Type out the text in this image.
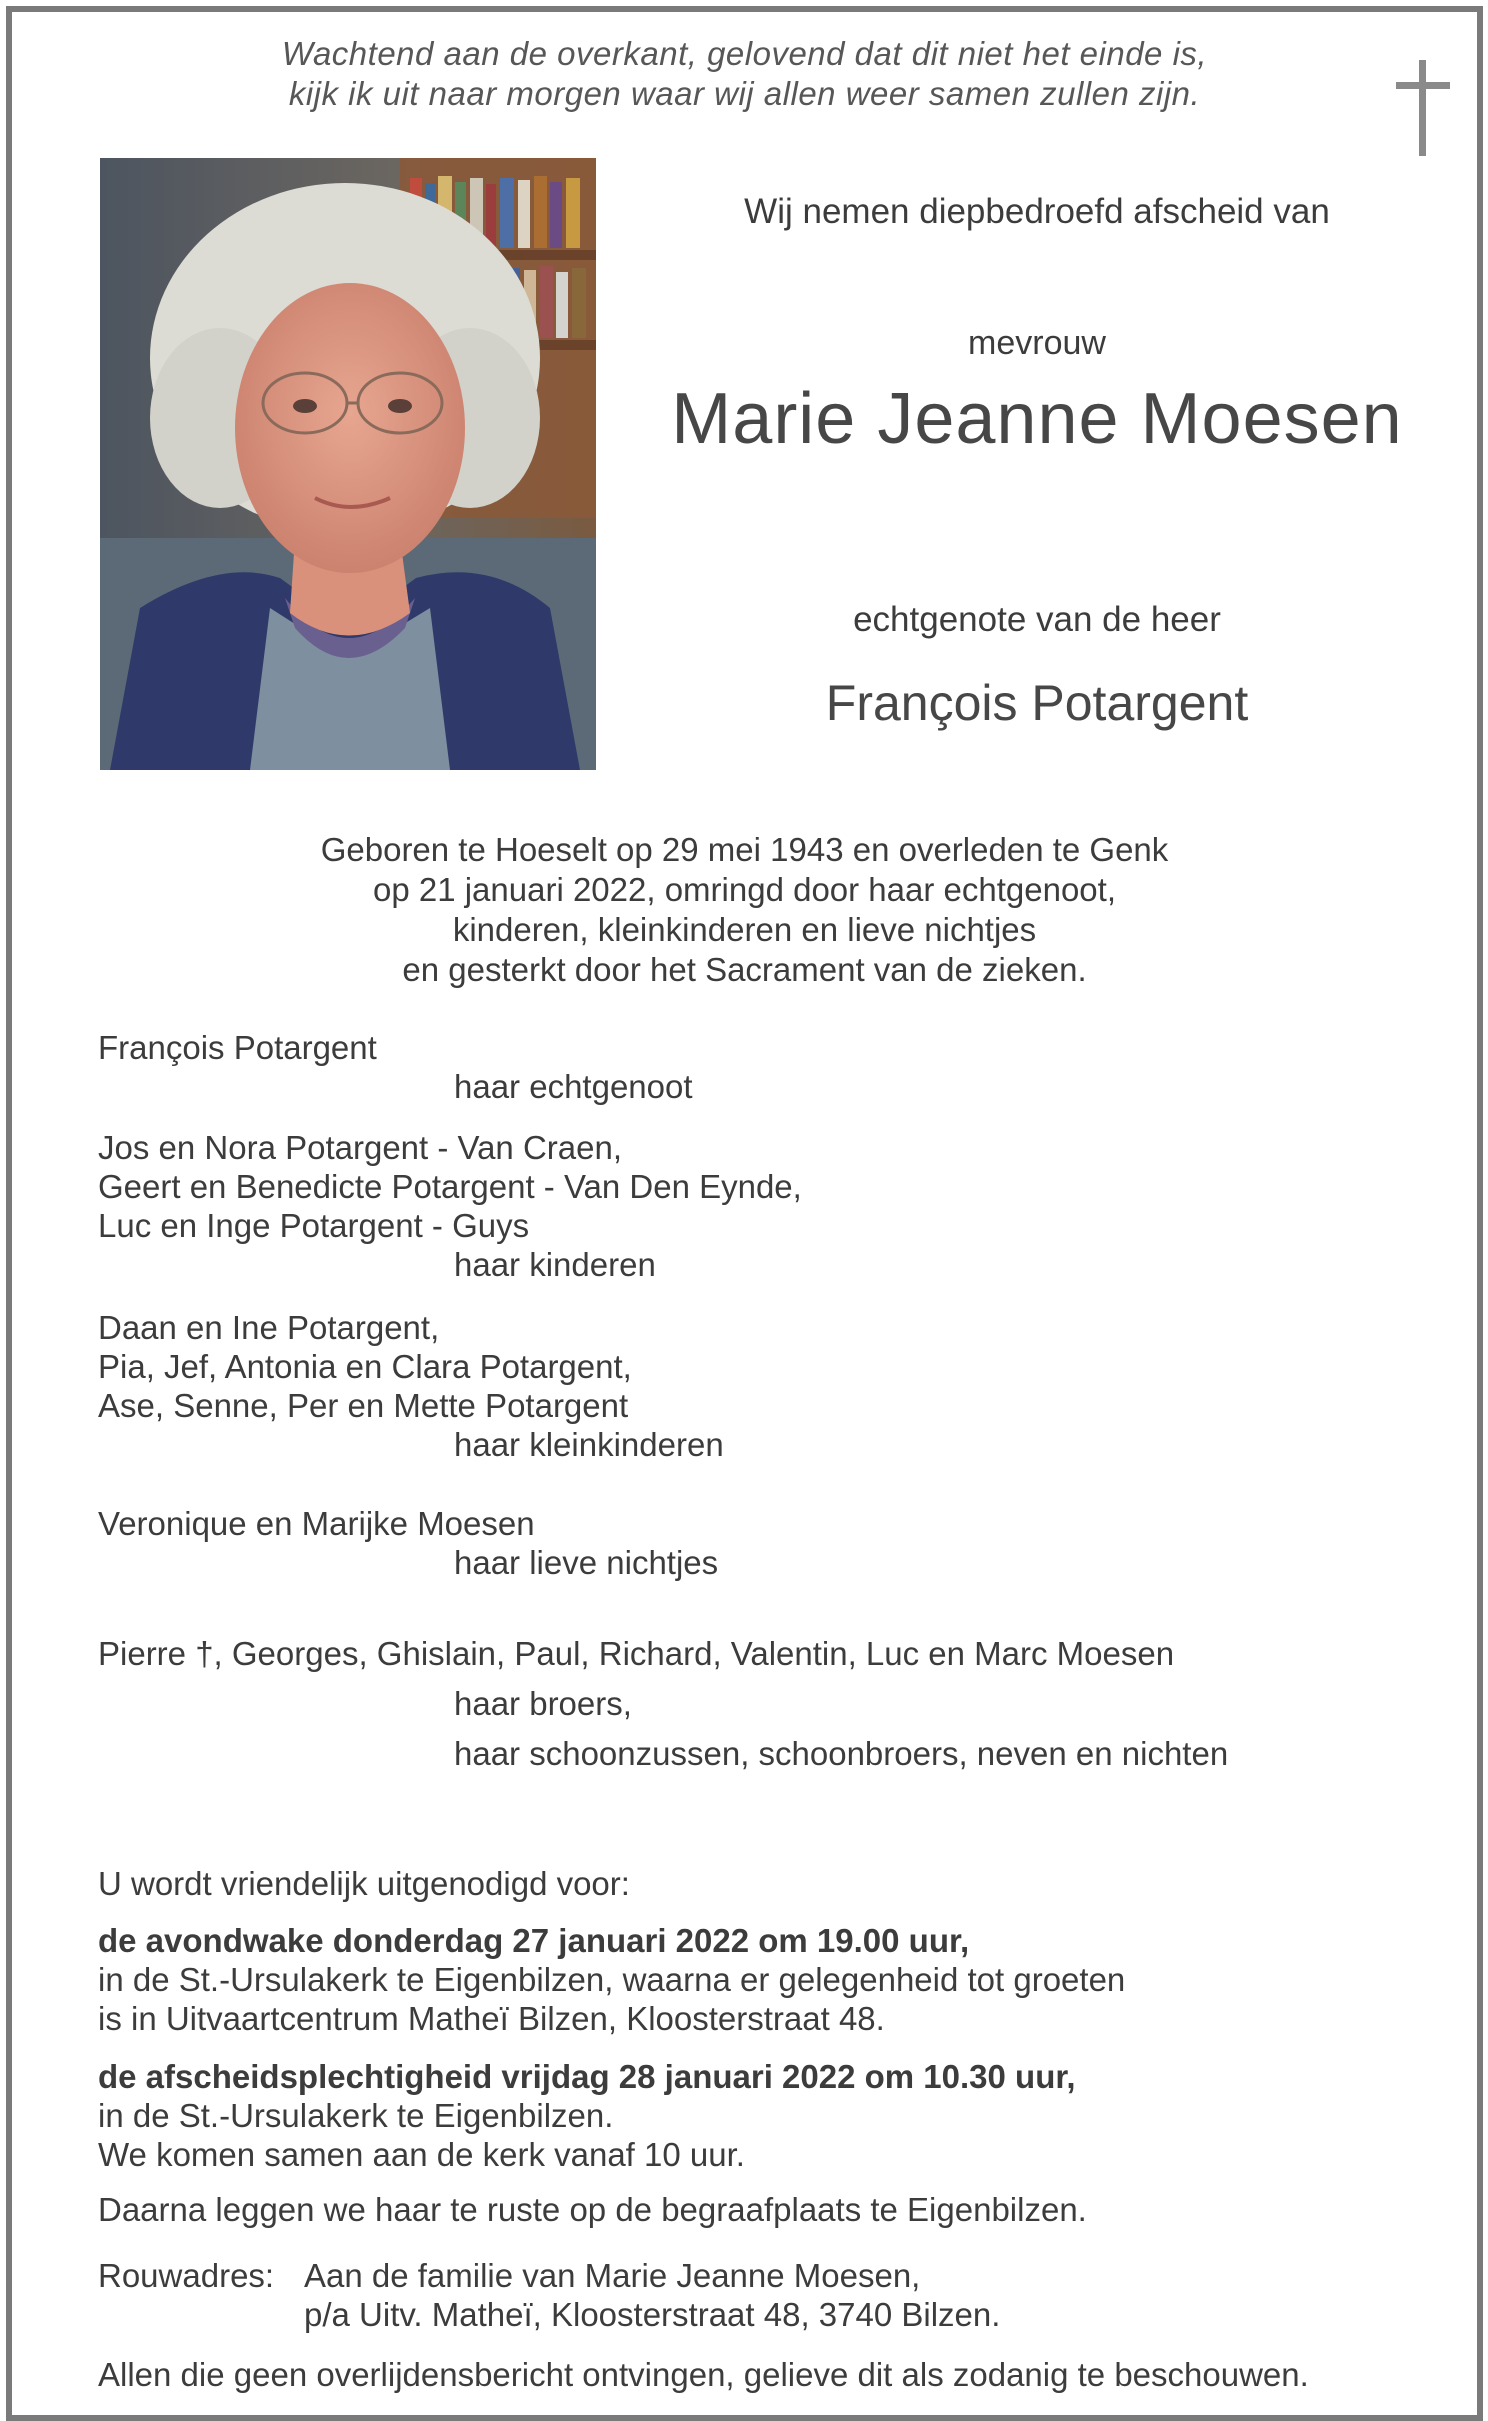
Wachtend aan de overkant, gelovend dat dit niet het einde is,
kijk ik uit naar morgen waar wij allen weer samen zullen zijn.
Wij nemen diepbedroefd afscheid van
mevrouw
Marie Jeanne Moesen
echtgenote van de heer
François Potargent
Geboren te Hoeselt op 29 mei 1943 en overleden te Genk
op 21 januari 2022, omringd door haar echtgenoot,
kinderen, kleinkinderen en lieve nichtjes
en gesterkt door het Sacrament van de zieken.
François Potargent
haar echtgenoot
Jos en Nora Potargent - Van Craen,
Geert en Benedicte Potargent - Van Den Eynde,
Luc en Inge Potargent - Guys
haar kinderen
Daan en Ine Potargent,
Pia, Jef, Antonia en Clara Potargent,
Ase, Senne, Per en Mette Potargent
haar kleinkinderen
Veronique en Marijke Moesen
haar lieve nichtjes
Pierre †, Georges, Ghislain, Paul, Richard, Valentin, Luc en Marc Moesen
haar broers,
haar schoonzussen, schoonbroers, neven en nichten
U wordt vriendelijk uitgenodigd voor:
de avondwake donderdag 27 januari 2022 om 19.00 uur,
in de St.-Ursulakerk te Eigenbilzen, waarna er gelegenheid tot groeten
is in Uitvaartcentrum Matheï Bilzen, Kloosterstraat 48.
de afscheidsplechtigheid vrijdag 28 januari 2022 om 10.30 uur,
in de St.-Ursulakerk te Eigenbilzen.
We komen samen aan de kerk vanaf 10 uur.
Daarna leggen we haar te ruste op de begraafplaats te Eigenbilzen.
Rouwadres: Aan de familie van Marie Jeanne Moesen,
p/a Uitv. Matheï, Kloosterstraat 48, 3740 Bilzen.
Allen die geen overlijdensbericht ontvingen, gelieve dit als zodanig te beschouwen.
